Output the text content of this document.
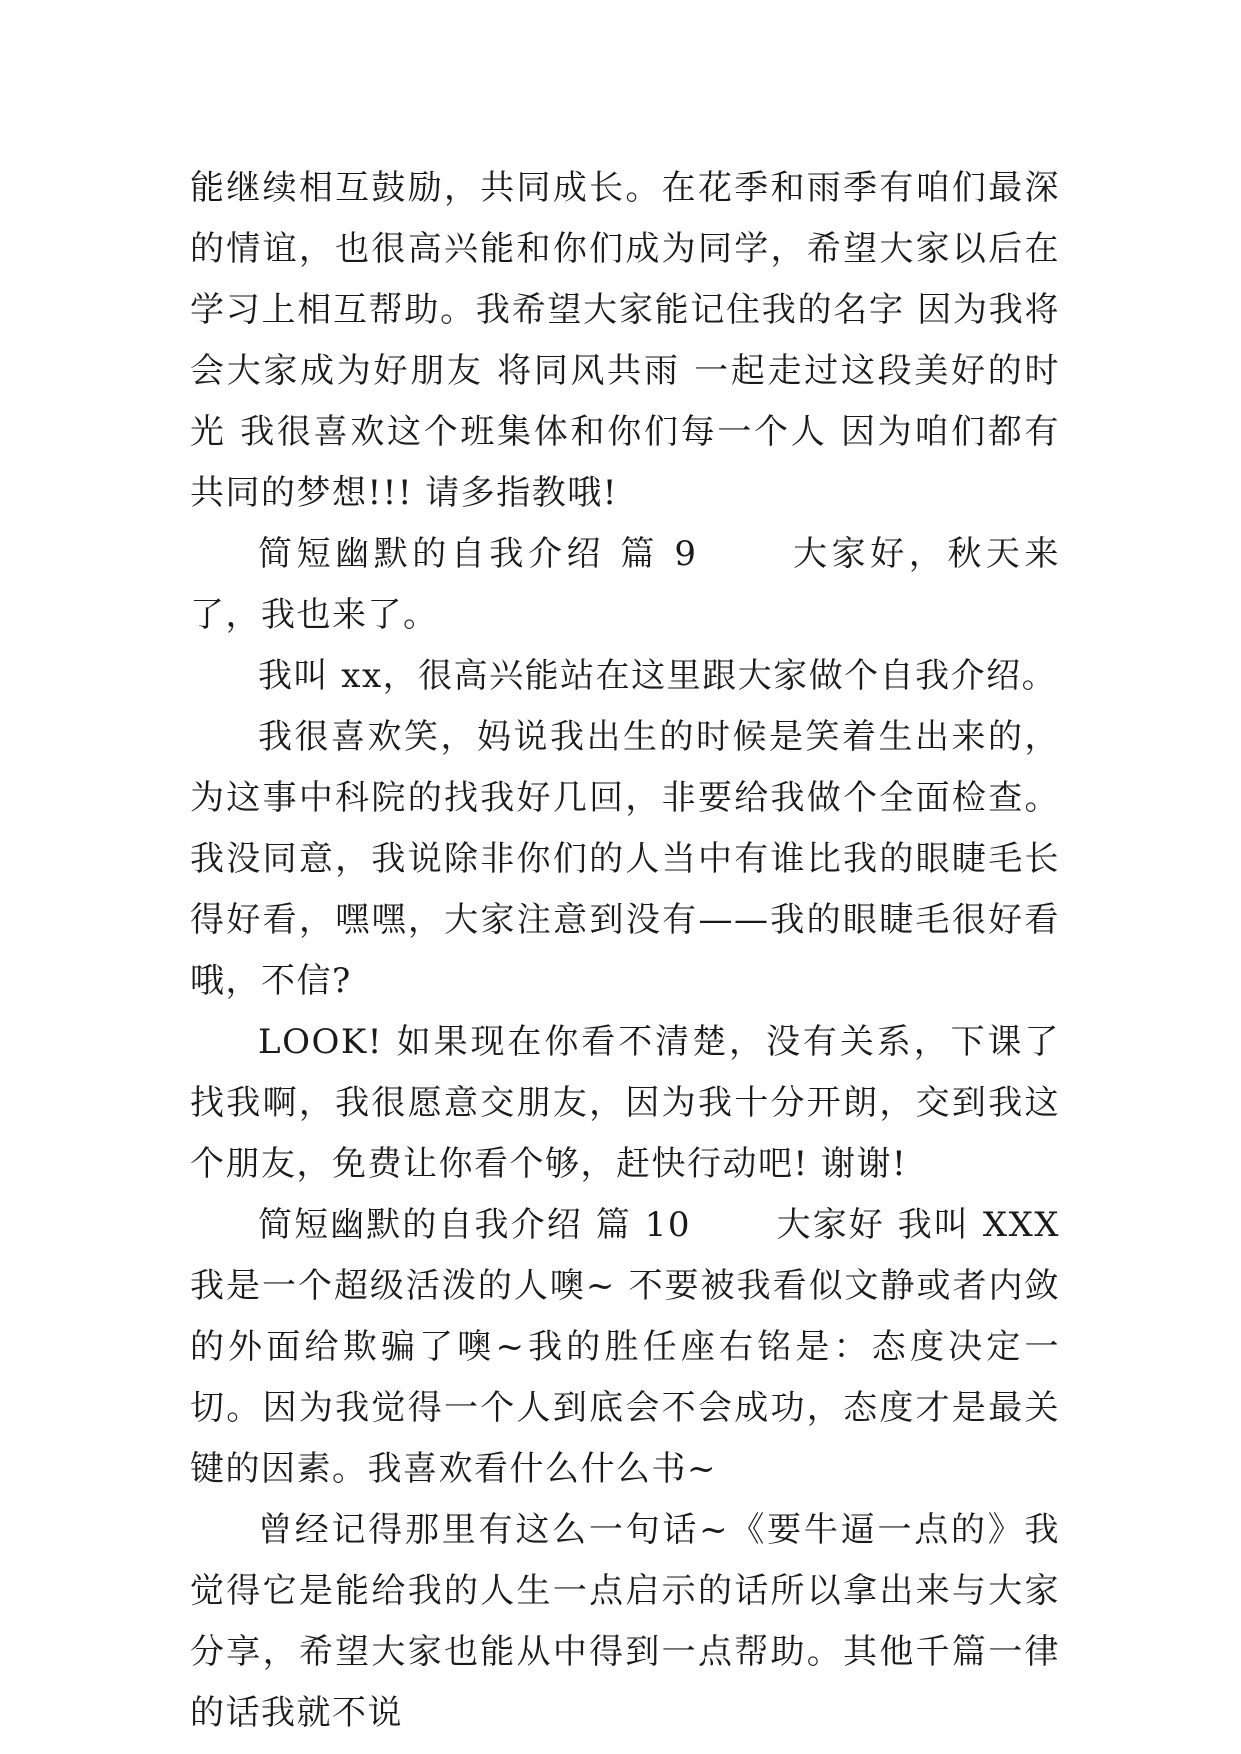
能继续相互鼓励，共同成长。在花季和雨季有咱们最深的情谊，也很高兴能和你们成为同学，希望大家以后在学习上相互帮助。我希望大家能记住我的名字 因为我将会大家成为好朋友 将同风共雨 一起走过这段美好的时光 我很喜欢这个班集体和你们每一个人 因为咱们都有共同的梦想!!! 请多指教哦!

简短幽默的自我介绍 篇 9　　 大家好，秋天来了，我也来了。

我叫 xx，很高兴能站在这里跟大家做个自我介绍。

我很喜欢笑，妈说我出生的时候是笑着生出来的，为这事中科院的找我好几回，非要给我做个全面检查。我没同意，我说除非你们的人当中有谁比我的眼睫毛长得好看，嘿嘿，大家注意到没有——我的眼睫毛很好看哦，不信?

LOOK! 如果现在你看不清楚，没有关系，下课了找我啊，我很愿意交朋友，因为我十分开朗，交到我这个朋友，免费让你看个够，赶快行动吧! 谢谢!

简短幽默的自我介绍 篇 10　　 大家好 我叫 XXX 我是一个超级活泼的人噢~ 不要被我看似文静或者内敛的外面给欺骗了噢~我的胜任座右铭是：态度决定一切。因为我觉得一个人到底会不会成功，态度才是最关键的因素。我喜欢看什么什么书~

曾经记得那里有这么一句话~《要牛逼一点的》我觉得它是能给我的人生一点启示的话所以拿出来与大家分享，希望大家也能从中得到一点帮助。其他千篇一律的话我就不说
